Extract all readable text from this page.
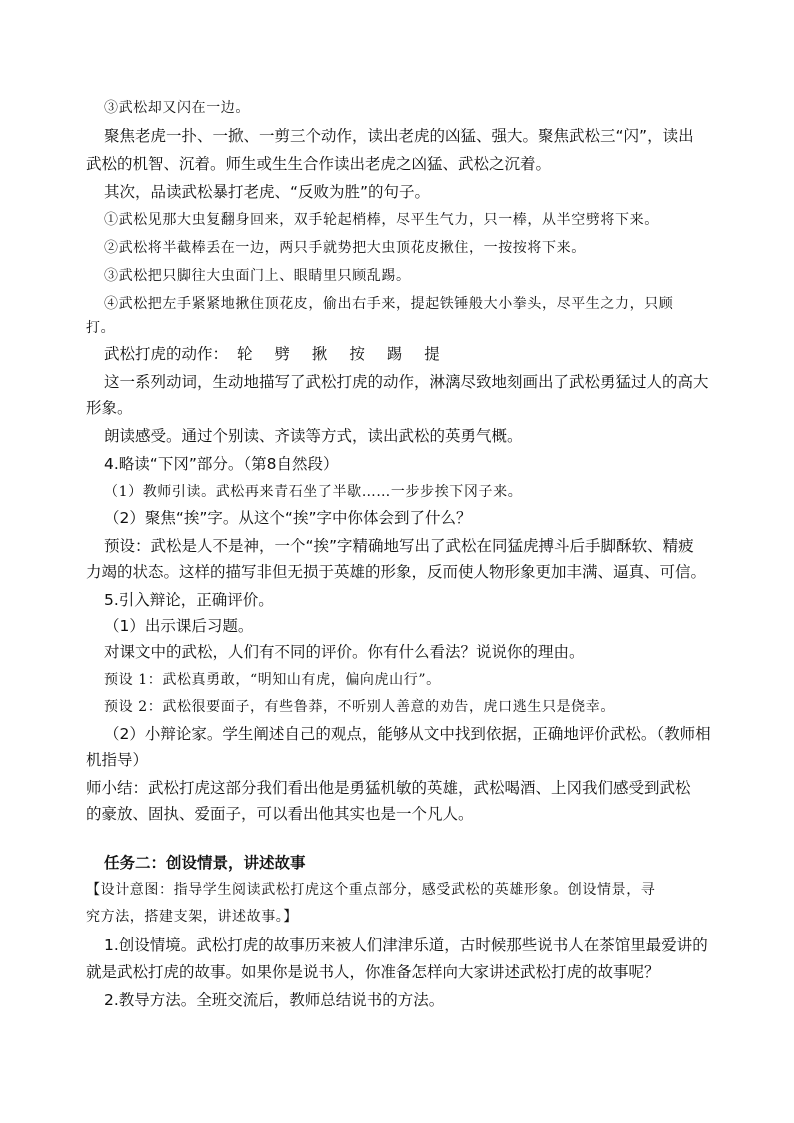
③武松却又闪在一边。
聚焦老虎一扑、一掀、一剪三个动作，读出老虎的凶猛、强大。聚焦武松三“闪”，读出
武松的机智、沉着。师生或生生合作读出老虎之凶猛、武松之沉着。
其次，品读武松暴打老虎、“反败为胜”的句子。
①武松见那大虫复翻身回来，双手轮起梢棒，尽平生气力，只一棒，从半空劈将下来。
②武松将半截棒丢在一边，两只手就势把大虫顶花皮揪住，一按按将下来。
③武松把只脚往大虫面门上、眼睛里只顾乱踢。
④武松把左手紧紧地揪住顶花皮，偷出右手来，提起铁锤般大小拳头，尽平生之力，只顾
打。
武松打虎的动作： 轮 劈 揪 按 踢 提
这一系列动词，生动地描写了武松打虎的动作，淋漓尽致地刻画出了武松勇猛过人的高大
形象。
朗读感受。通过个别读、齐读等方式，读出武松的英勇气概。
4.略读“下冈”部分。（第8自然段）
（1）教师引读。武松再来青石坐了半歇……一步步挨下冈子来。
（2）聚焦“挨”字。从这个“挨”字中你体会到了什么？
预设：武松是人不是神，一个“挨”字精确地写出了武松在同猛虎搏斗后手脚酥软、精疲
力竭的状态。这样的描写非但无损于英雄的形象，反而使人物形象更加丰满、逼真、可信。
5.引入辩论，正确评价。
（1）出示课后习题。
对课文中的武松，人们有不同的评价。你有什么看法？说说你的理由。
预设 1：武松真勇敢，“明知山有虎，偏向虎山行”。
预设 2：武松很要面子，有些鲁莽，不听别人善意的劝告，虎口逃生只是侥幸。
（2）小辩论家。学生阐述自己的观点，能够从文中找到依据，正确地评价武松。（教师相
机指导）
师小结：武松打虎这部分我们看出他是勇猛机敏的英雄，武松喝酒、上冈我们感受到武松
的豪放、固执、爱面子，可以看出他其实也是一个凡人。
任务二：创设情景，讲述故事
【设计意图：指导学生阅读武松打虎这个重点部分，感受武松的英雄形象。创设情景，寻
究方法，搭建支架，讲述故事。】
1.创设情境。武松打虎的故事历来被人们津津乐道，古时候那些说书人在茶馆里最爱讲的
就是武松打虎的故事。如果你是说书人，你准备怎样向大家讲述武松打虎的故事呢？
2.教导方法。全班交流后，教师总结说书的方法。
